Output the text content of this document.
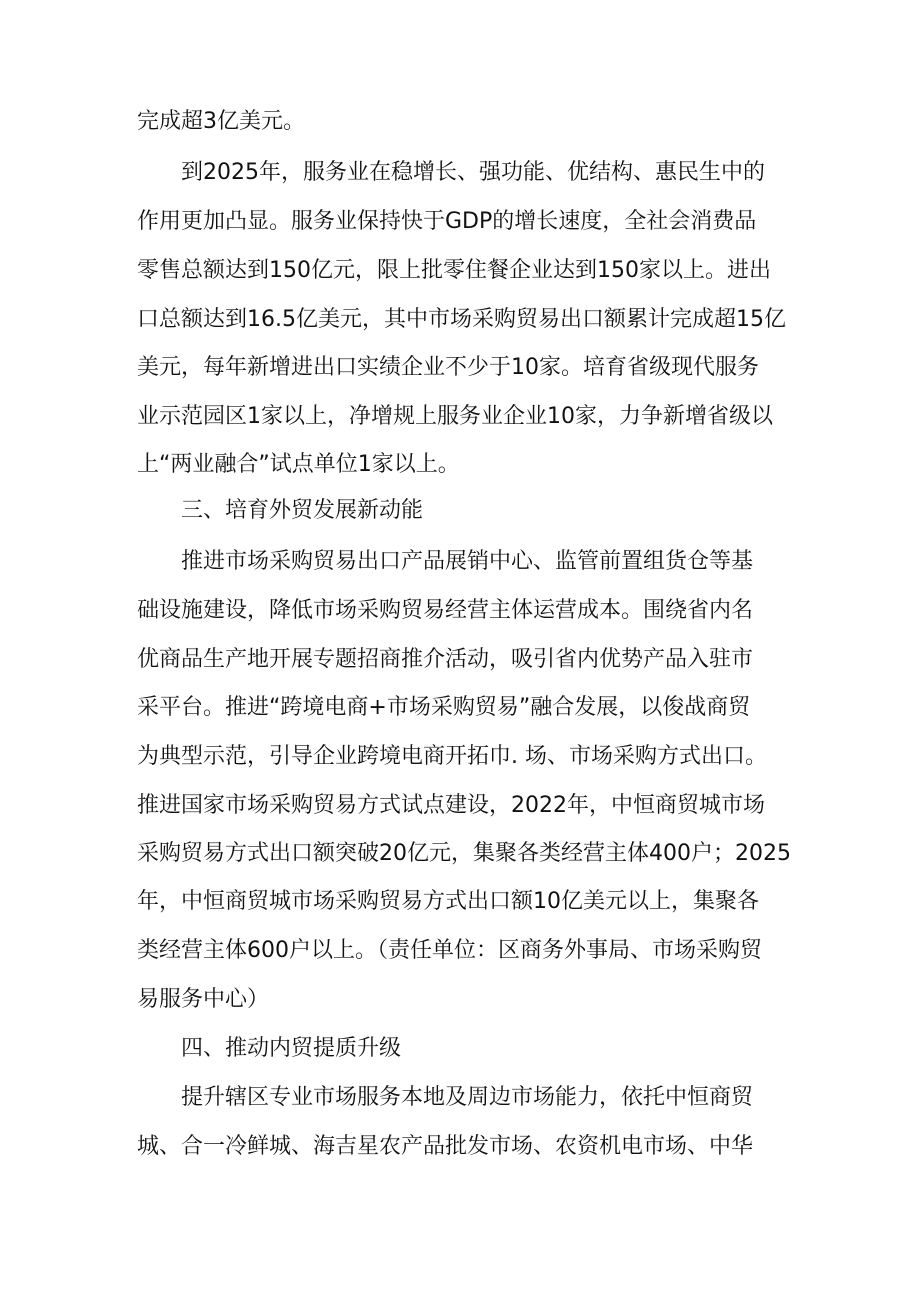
完成超3亿美元。
到2025年，服务业在稳增长、强功能、优结构、惠民生中的
作用更加凸显。服务业保持快于GDP的增长速度，全社会消费品
零售总额达到150亿元，限上批零住餐企业达到150家以上。进出
口总额达到16.5亿美元，其中市场采购贸易出口额累计完成超15亿
美元，每年新增进出口实绩企业不少于10家。培育省级现代服务
业示范园区1家以上，净增规上服务业企业10家，力争新增省级以
上“两业融合”试点单位1家以上。
三、培育外贸发展新动能
推进市场采购贸易出口产品展销中心、监管前置组货仓等基
础设施建设，降低市场采购贸易经营主体运营成本。围绕省内名
优商品生产地开展专题招商推介活动，吸引省内优势产品入驻市
采平台。推进“跨境电商+市场采购贸易”融合发展，以俊战商贸
为典型示范，引导企业跨境电商开拓巾. 场、市场采购方式出口。
推进国家市场采购贸易方式试点建设，2022年，中恒商贸城市场
采购贸易方式出口额突破20亿元，集聚各类经营主体400户；2025
年，中恒商贸城市场采购贸易方式出口额10亿美元以上，集聚各
类经营主体600户以上。（责任单位：区商务外事局、市场采购贸
易服务中心）
四、推动内贸提质升级
提升辖区专业市场服务本地及周边市场能力，依托中恒商贸
城、合一冷鲜城、海吉星农产品批发市场、农资机电市场、中华
